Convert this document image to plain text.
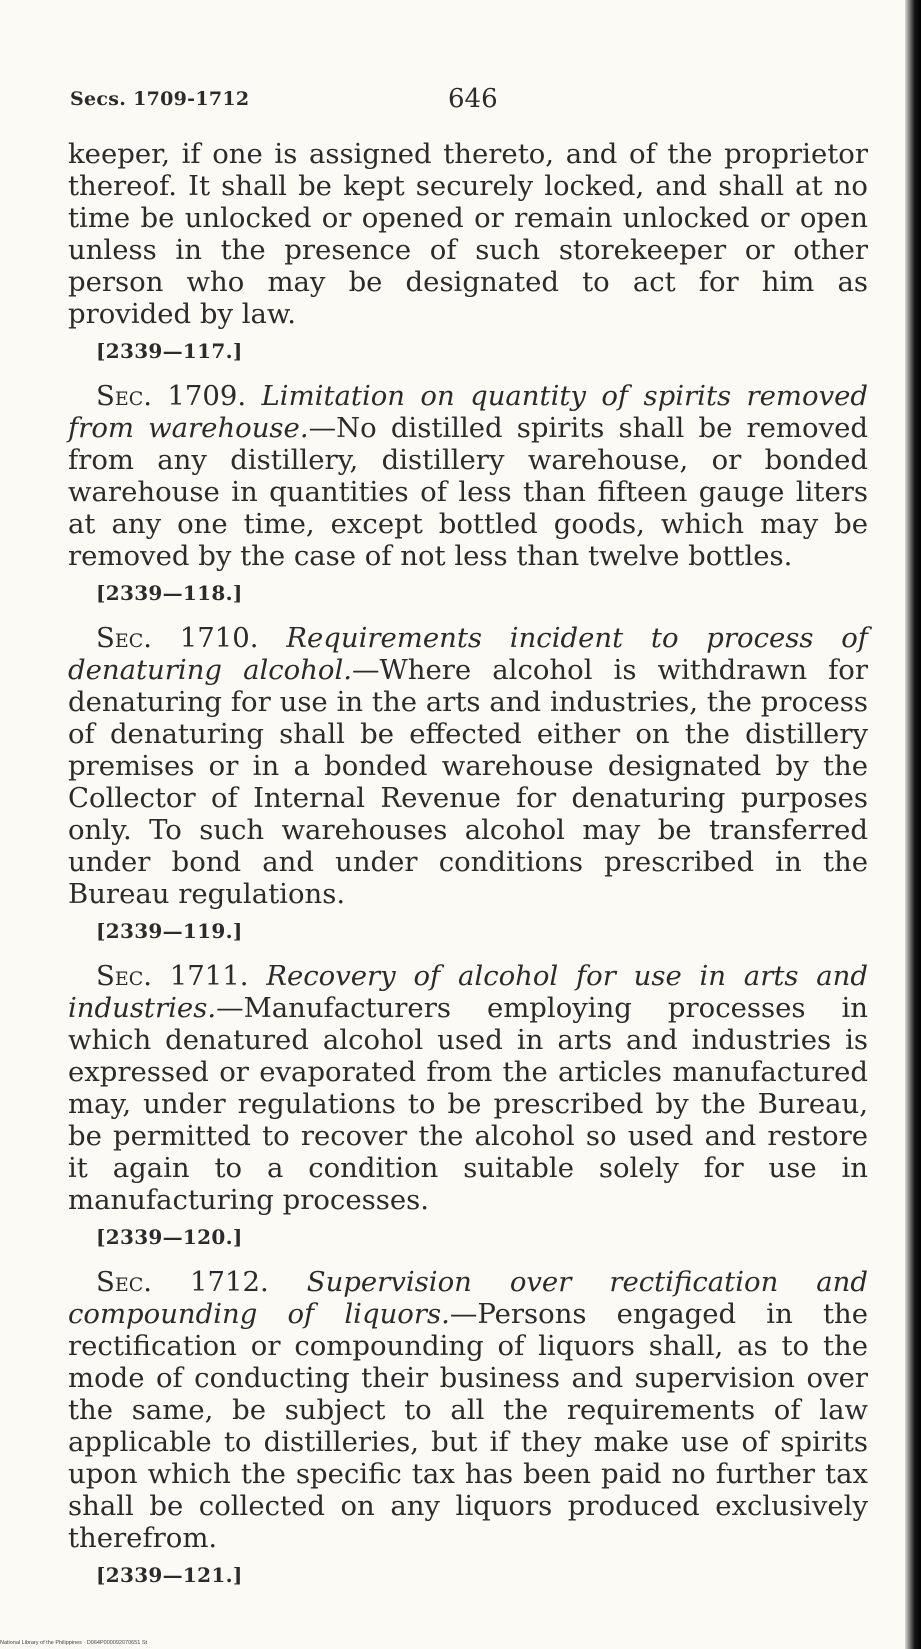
Secs. 1709-1712	646

keeper, if one is assigned thereto, and of the proprietor thereof. It shall be kept securely locked, and shall at no time be unlocked or opened or remain unlocked or open unless in the presence of such storekeeper or other person who may be designated to act for him as provided by law.

[2339—117.]

Sec. 1709. Limitation on quantity of spirits removed from warehouse.—No distilled spirits shall be removed from any distillery, distillery warehouse, or bonded warehouse in quantities of less than fifteen gauge liters at any one time, except bottled goods, which may be removed by the case of not less than twelve bottles.

[2339—118.]

Sec. 1710. Requirements incident to process of denaturing alcohol.—Where alcohol is withdrawn for denaturing for use in the arts and industries, the process of denaturing shall be effected either on the distillery premises or in a bonded warehouse designated by the Collector of Internal Revenue for denaturing purposes only. To such warehouses alcohol may be transferred under bond and under conditions prescribed in the Bureau regulations.

[2339—119.]

Sec. 1711. Recovery of alcohol for use in arts and industries.—Manufacturers employing processes in which denatured alcohol used in arts and industries is expressed or evaporated from the articles manufactured may, under regulations to be prescribed by the Bureau, be permitted to recover the alcohol so used and restore it again to a condition suitable solely for use in manufacturing processes.

[2339—120.]

Sec. 1712. Supervision over rectification and compounding of liquors.—Persons engaged in the rectification or compounding of liquors shall, as to the mode of conducting their business and supervision over the same, be subject to all the requirements of law applicable to distilleries, but if they make use of spirits upon which the specific tax has been paid no further tax shall be collected on any liquors produced exclusively therefrom.

[2339—121.]
National Library of the Philippines · D064P000092070651 St
